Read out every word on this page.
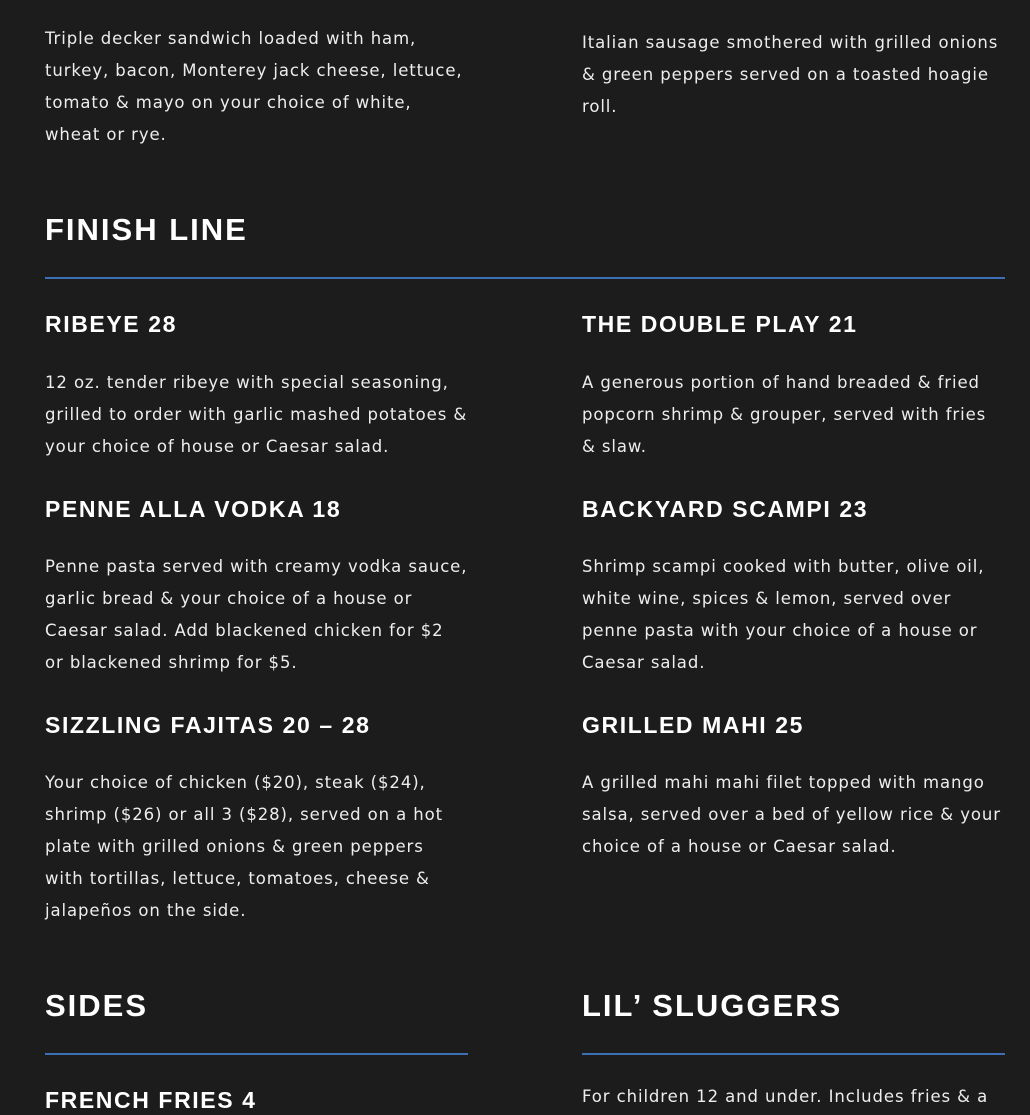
Triple decker sandwich loaded with ham, turkey, bacon, Monterey jack cheese, lettuce, tomato & mayo on your choice of white, wheat or rye.

Italian sausage smothered with grilled onions & green peppers served on a toasted hoagie roll.

FINISH LINE
RIBEYE 28

12 oz. tender ribeye with special seasoning, grilled to order with garlic mashed potatoes & your choice of house or Caesar salad.

THE DOUBLE PLAY 21

A generous portion of hand breaded & fried popcorn shrimp & grouper, served with fries & slaw.

PENNE ALLA VODKA 18

Penne pasta served with creamy vodka sauce, garlic bread & your choice of a house or Caesar salad. Add blackened chicken for $2 or blackened shrimp for $5.

BACKYARD SCAMPI 23

Shrimp scampi cooked with butter, olive oil, white wine, spices & lemon, served over penne pasta with your choice of a house or Caesar salad.

SIZZLING FAJITAS 20 – 28

Your choice of chicken ($20), steak ($24), shrimp ($26) or all 3 ($28), served on a hot plate with grilled onions & green peppers with tortillas, lettuce, tomatoes, cheese & jalapeños on the side.

GRILLED MAHI 25

A grilled mahi mahi filet topped with mango salsa, served over a bed of yellow rice & your choice of a house or Caesar salad.

SIDES
FRENCH FRIES 4
LIL’ SLUGGERS

For children 12 and under. Includes fries & a
